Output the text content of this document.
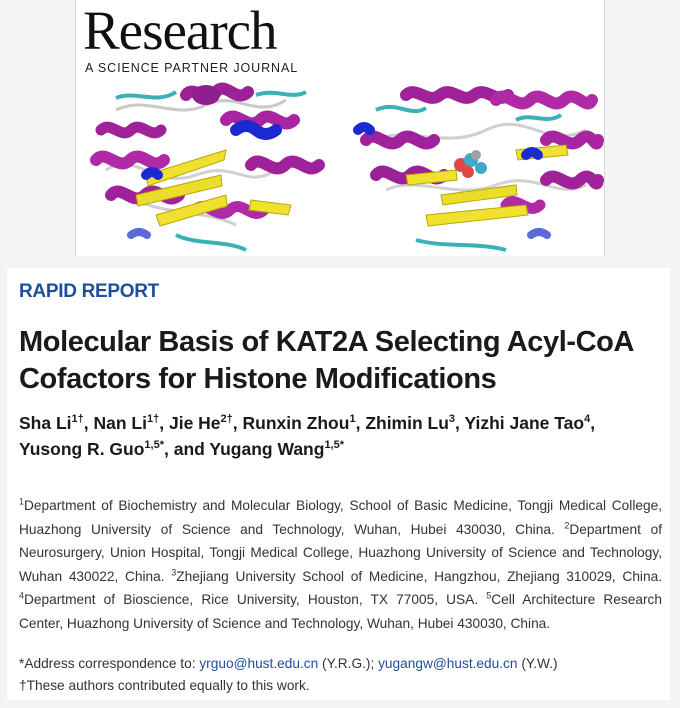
Research
A SCIENCE PARTNER JOURNAL
RAPID REPORT
Molecular Basis of KAT2A Selecting Acyl-CoA
Cofactors for Histone Modifications
Sha $Li^{1\dagger}$, Nan $Li^{1\dagger}$, Jie $He^{2\dagger}$, Runxin Zhou$^1$, Zhimin Lu$^3$, Yizhi Jane Tao$^4$,
Yusong R. Guo$^{1,5*}$, and Yugang Wang$^{1,5*}$
$^1$Department of Biochemistry and Molecular Biology, School of Basic Medicine, Tongji Medical College, Huazhong University of Science and Technology, Wuhan, Hubei 430030, China. $^2$Department of Neurosurgery, Union Hospital, Tongji Medical College, Huazhong University of Science and Technology, Wuhan 430022, China. $^3$Zhejiang University School of Medicine, Hangzhou, Zhejiang 310029, China. $^4$Department of Bioscience, Rice University, Houston, TX 77005, USA. $^5$Cell Architecture Research Center, Huazhong University of Science and Technology, Wuhan, Hubei 430030, China.
*Address correspondence to: yrguo@hust.edu.cn (Y.R.G.); yugangw@hust.edu.cn (Y.W.)
†These authors contributed equally to this work.
